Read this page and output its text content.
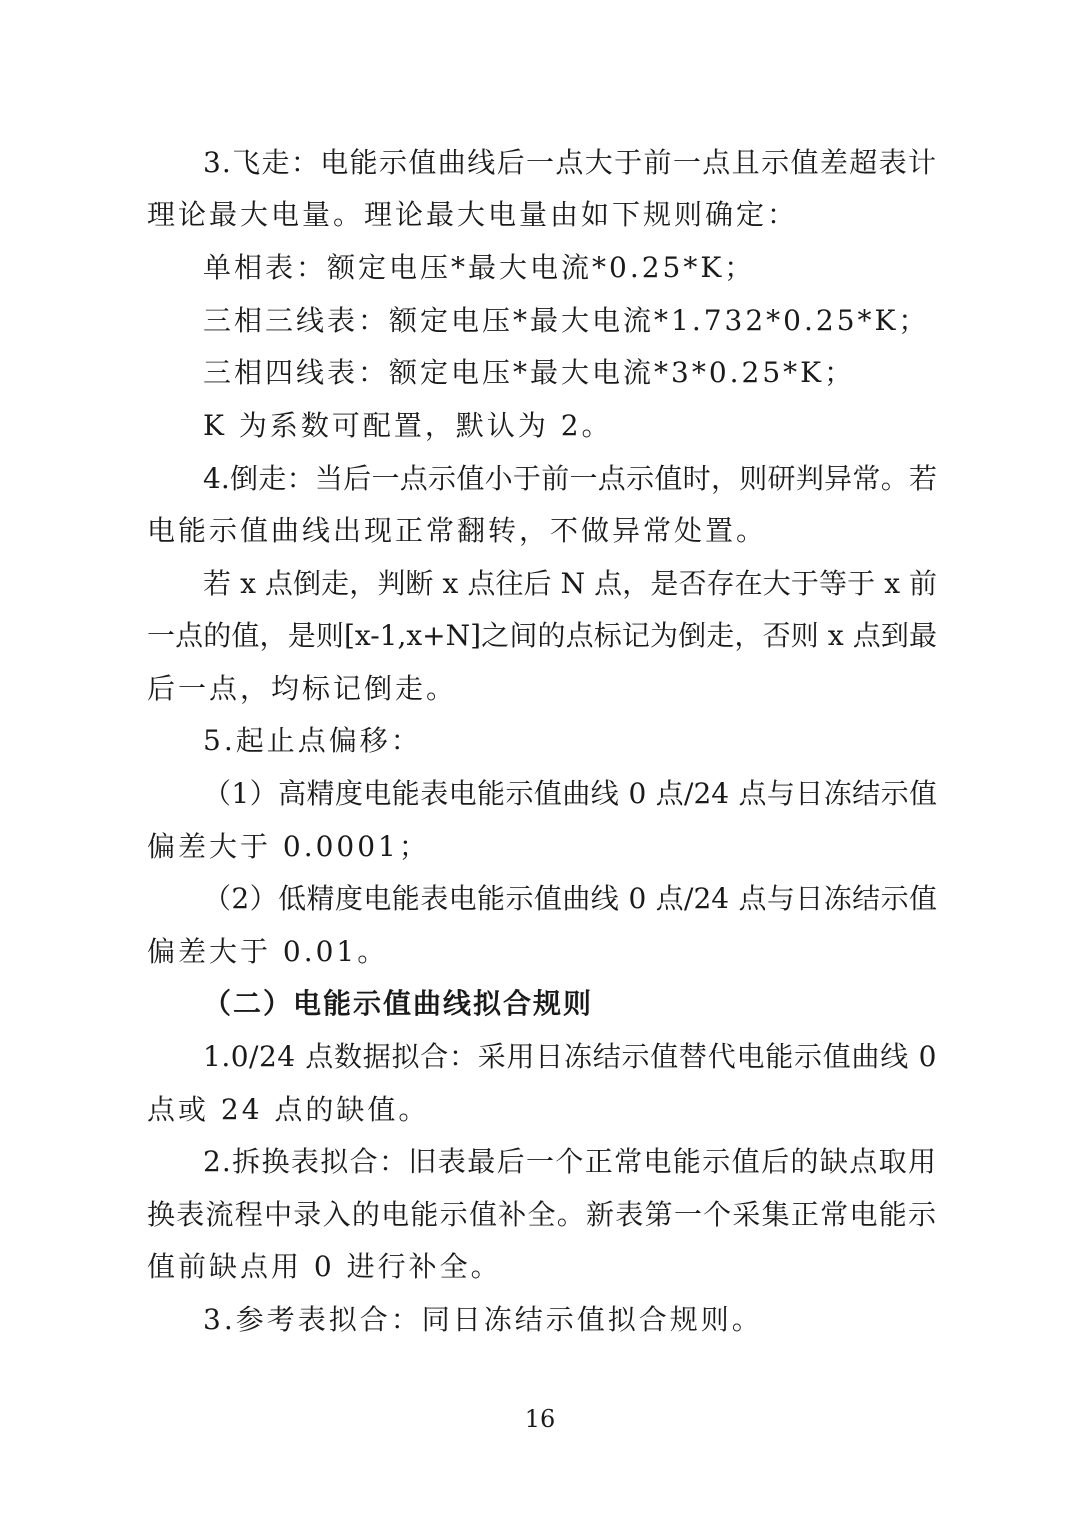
3.飞走：电能示值曲线后一点大于前一点且示值差超表计
理论最大电量。理论最大电量由如下规则确定：
单相表：额定电压*最大电流*0.25*K；
三相三线表：额定电压*最大电流*1.732*0.25*K；
三相四线表：额定电压*最大电流*3*0.25*K；
K 为系数可配置，默认为 2。
4.倒走：当后一点示值小于前一点示值时，则研判异常。若
电能示值曲线出现正常翻转，不做异常处置。
若 x 点倒走，判断 x 点往后 N 点，是否存在大于等于 x 前
一点的值，是则[x-1,x+N]之间的点标记为倒走，否则 x 点到最
后一点，均标记倒走。
5.起止点偏移：
（1）高精度电能表电能示值曲线 0 点/24 点与日冻结示值
偏差大于 0.0001；
（2）低精度电能表电能示值曲线 0 点/24 点与日冻结示值
偏差大于 0.01。
（二）电能示值曲线拟合规则
1.0/24 点数据拟合：采用日冻结示值替代电能示值曲线 0
点或 24 点的缺值。
2.拆换表拟合：旧表最后一个正常电能示值后的缺点取用
换表流程中录入的电能示值补全。新表第一个采集正常电能示
值前缺点用 0 进行补全。
3.参考表拟合：同日冻结示值拟合规则。
16
